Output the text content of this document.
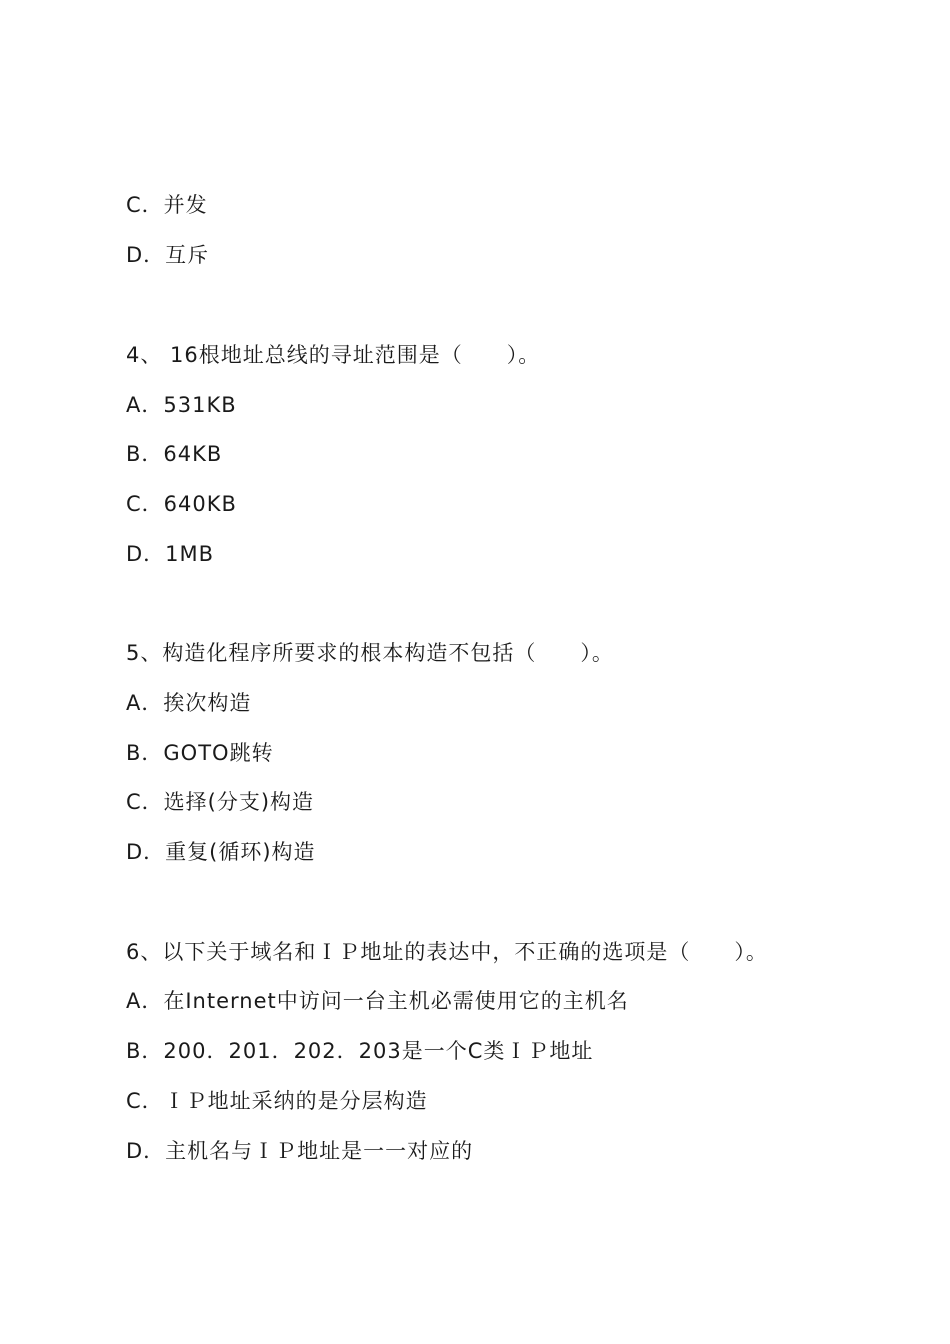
C．并发
D．互斥
4、 16根地址总线的寻址范围是（　　）。
A．531KB
B．64KB
C．640KB
D．1MB
5、构造化程序所要求的根本构造不包括（　　）。
A．挨次构造
B．GOTO跳转
C．选择(分支)构造
D．重复(循环)构造
6、以下关于域名和ＩＰ地址的表达中，不正确的选项是（　　）。
A．在Internet中访问一台主机必需使用它的主机名
B．200．201．202．203是一个C类ＩＰ地址
C．ＩＰ地址采纳的是分层构造
D．主机名与ＩＰ地址是一一对应的
